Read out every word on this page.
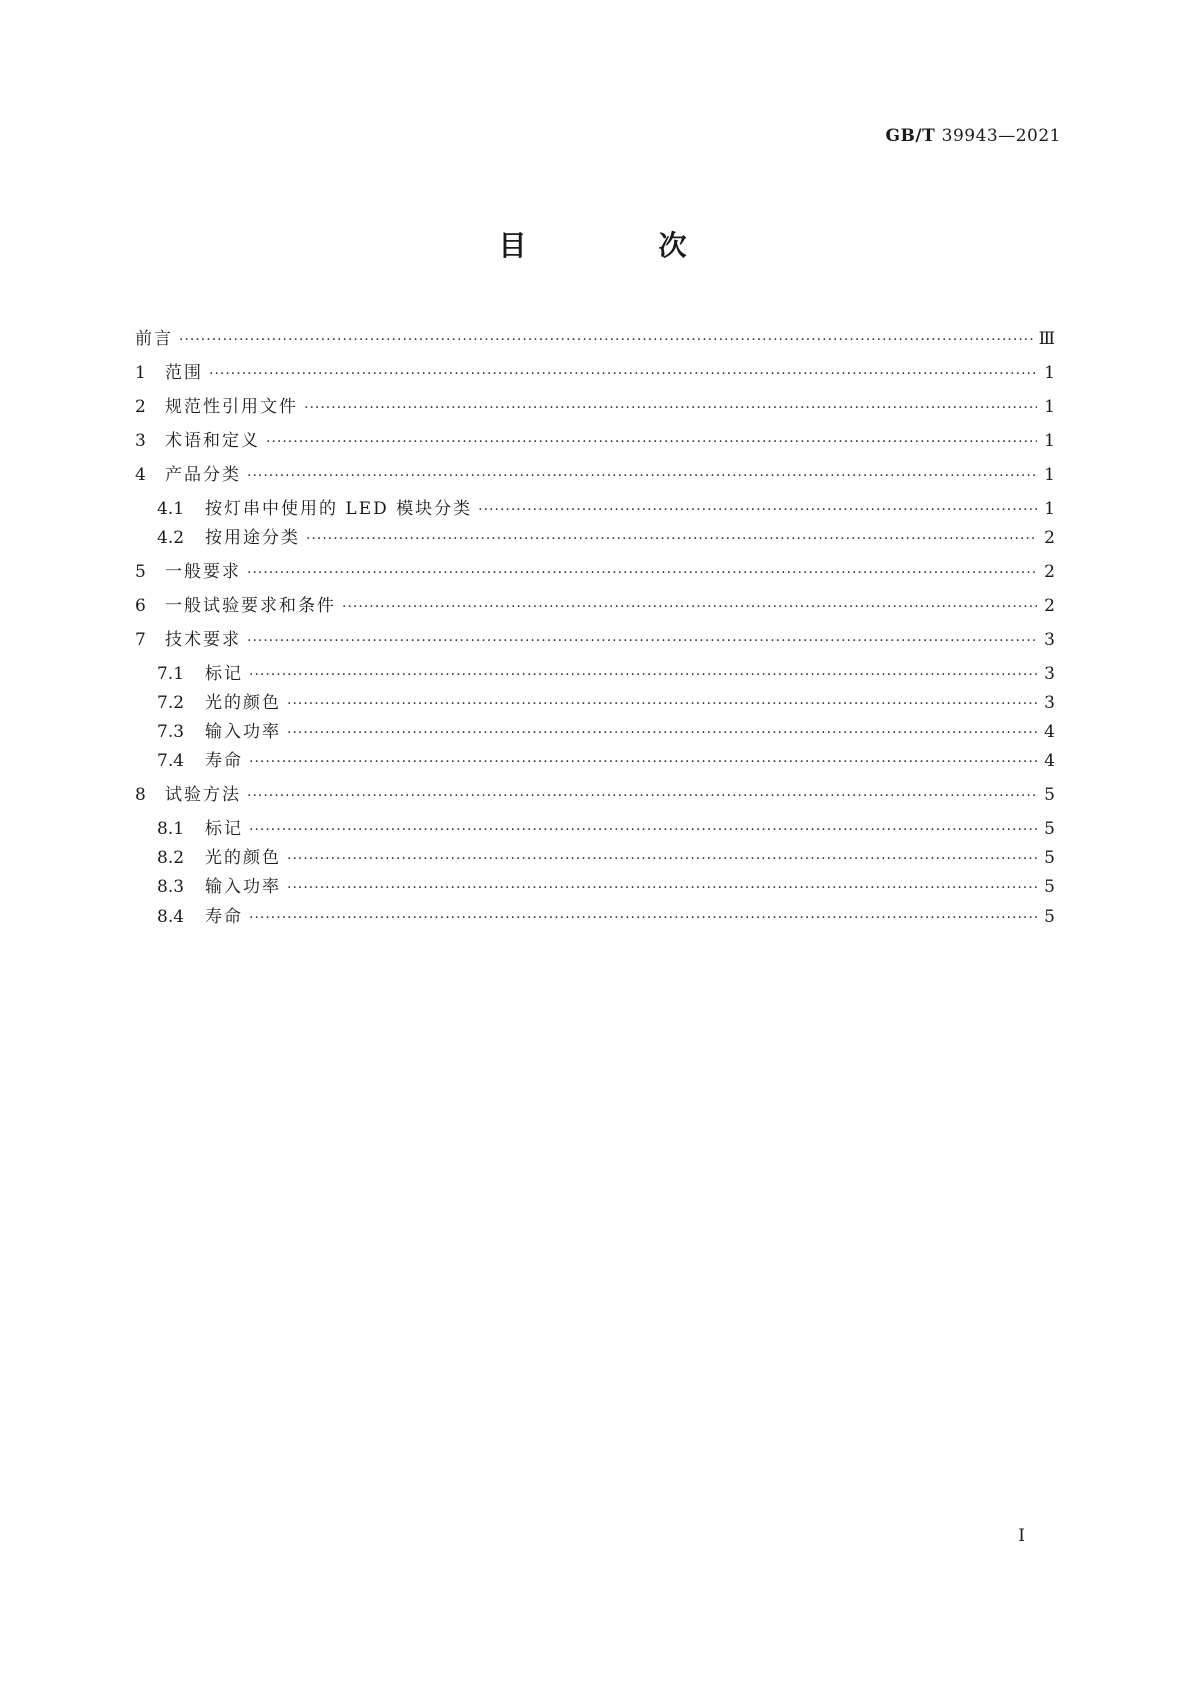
GB/T 39943—2021
目　次
前言 ·····	Ⅲ
1	范围 ·····	1
2	规范性引用文件 ·····	1
3	术语和定义 ·····	1
4	产品分类 ·····	1
4.1	按灯串中使用的 LED 模块分类 ·····	1
4.2	按用途分类 ·····	2
5	一般要求 ·····	2
6	一般试验要求和条件 ·····	2
7	技术要求 ·····	3
7.1	标记 ·····	3
7.2	光的颜色 ·····	3
7.3	输入功率 ·····	4
7.4	寿命 ·····	4
8	试验方法 ·····	5
8.1	标记 ·····	5
8.2	光的颜色 ·····	5
8.3	输入功率 ·····	5
8.4	寿命 ·····	5
I
